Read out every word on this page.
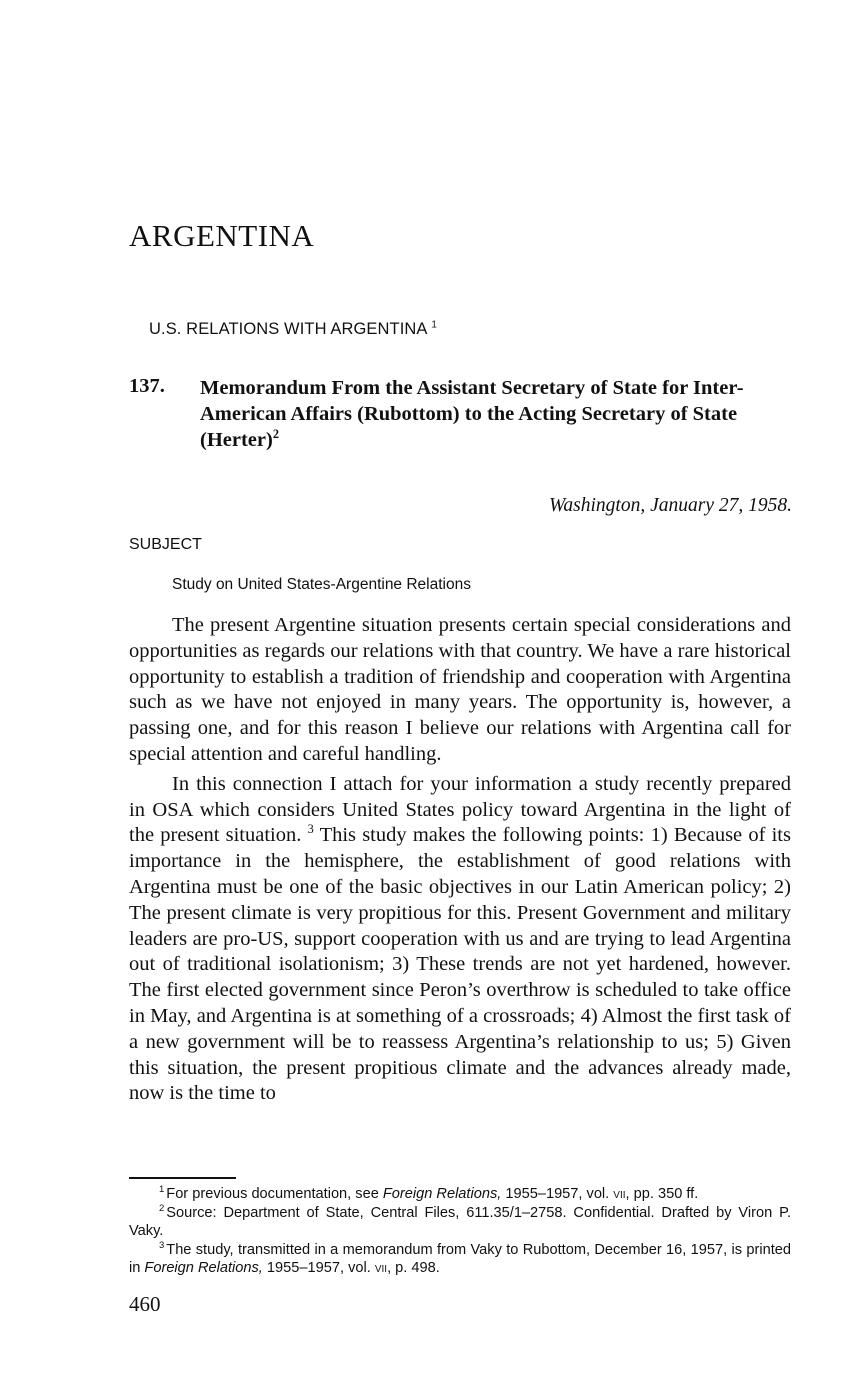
ARGENTINA

U.S. RELATIONS WITH ARGENTINA $^1$

137. Memorandum From the Assistant Secretary of State for Inter-American Affairs (Rubottom) to the Acting Secretary of State (Herter)$^2$

Washington, January 27, 1958.

SUBJECT

Study on United States-Argentine Relations

The present Argentine situation presents certain special considerations and opportunities as regards our relations with that country. We have a rare historical opportunity to establish a tradition of friendship and cooperation with Argentina such as we have not enjoyed in many years. The opportunity is, however, a passing one, and for this reason I believe our relations with Argentina call for special attention and careful handling.

In this connection I attach for your information a study recently prepared in OSA which considers United States policy toward Argentina in the light of the present situation. $^3$ This study makes the following points: 1) Because of its importance in the hemisphere, the establishment of good relations with Argentina must be one of the basic objectives in our Latin American policy; 2) The present climate is very propitious for this. Present Government and military leaders are pro-US, support cooperation with us and are trying to lead Argentina out of traditional isolationism; 3) These trends are not yet hardened, however. The first elected government since Peron’s overthrow is scheduled to take office in May, and Argentina is at something of a crossroads; 4) Almost the first task of a new government will be to reassess Argentina’s relationship to us; 5) Given this situation, the present propitious climate and the advances already made, now is the time to

$^1$ For previous documentation, see Foreign Relations, 1955–1957, vol. vii, pp. 350 ff.

$^2$ Source: Department of State, Central Files, 611.35/1–2758. Confidential. Drafted by Viron P. Vaky.

$^3$ The study, transmitted in a memorandum from Vaky to Rubottom, December 16, 1957, is printed in Foreign Relations, 1955–1957, vol. vii, p. 498.

460
